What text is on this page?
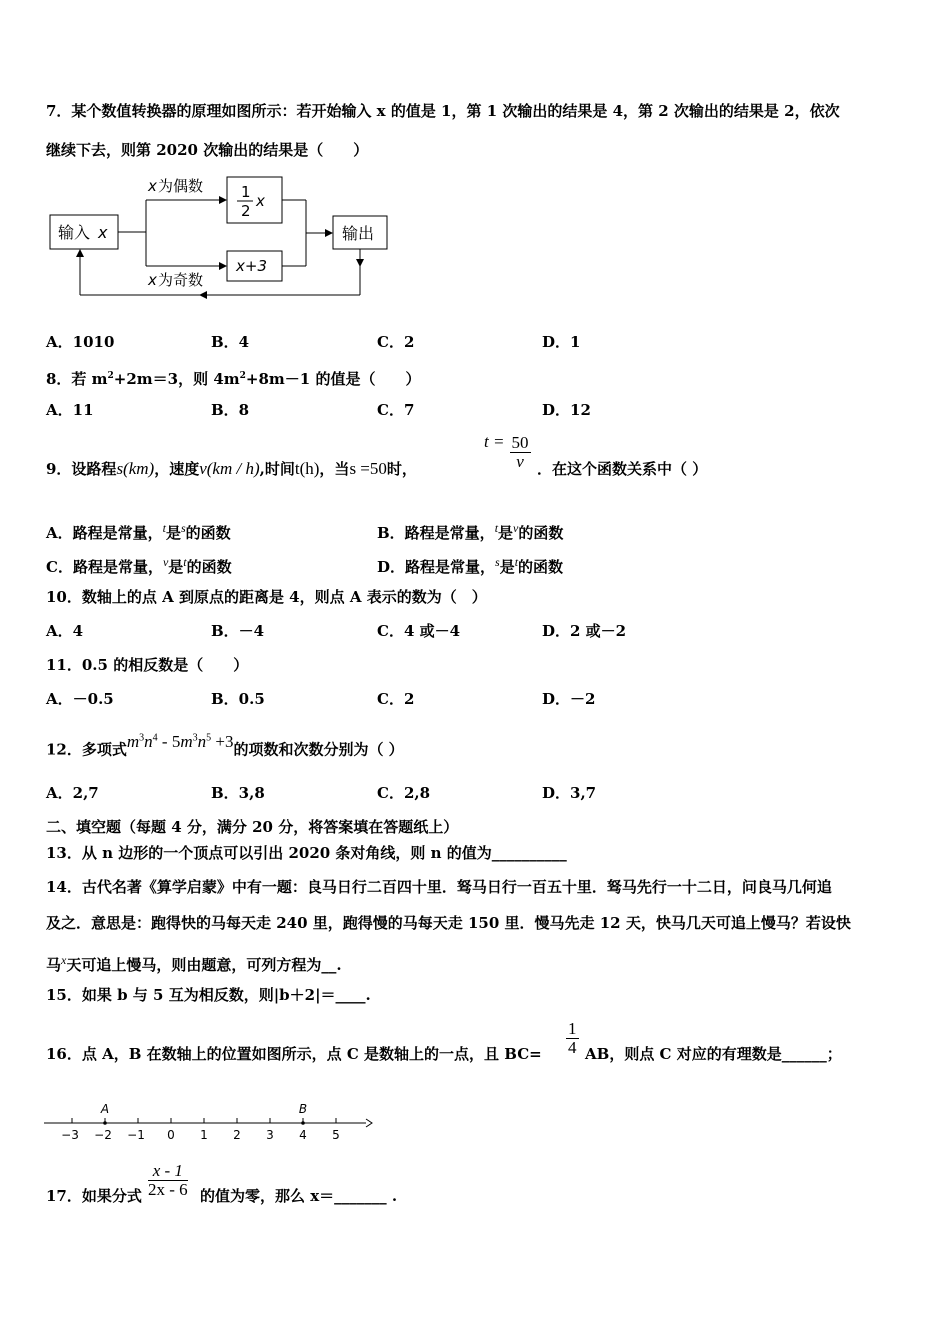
7．某个数值转换器的原理如图所示：若开始输入 x 的值是 1，第 1 次输出的结果是 4，第 2 次输出的结果是 2，依次
继续下去，则第 2020 次输出的结果是（　　）
输入 x
x 为偶数
x 为奇数
1
2
x
x+3
输出
A．1010	B．4	C．2	D．1
8．若 $m^2+2m=3$，则 $4m^2+8m-1$ 的值是（　　）
A．11	B．8	C．7	D．12
9．设路程s(km)，速度v(km / h),时间t(h)，当s =50时，
$t = \frac{50}{v}$ ．在这个函数关系中（ ）
A．路程是常量，$^t$是$^s$的函数	B．路程是常量，$^t$是$^v$的函数
C．路程是常量，$^v$是$^t$的函数	D．路程是常量，$^s$是$^t$的函数
10．数轴上的点 A 到原点的距离是 4，则点 A 表示的数为（　）
A．4	B．－4	C．4 或－4	D．2 或－2
11．0.5 的相反数是（　　）
A．－0.5	B．0.5	C．2	D．－2
12．多项式$m^3n^4 - 5m^3n^5 +3$的项数和次数分别为（ ）
A．2,7	B．3,8	C．2,8	D．3,7
二、填空题（每题 4 分，满分 20 分，将答案填在答题纸上）
13．从 n 边形的一个顶点可以引出 2020 条对角线，则 n 的值为__________
14．古代名著《算学启蒙》中有一题：良马日行二百四十里．驽马日行一百五十里．驽马先行一十二日，问良马几何追
及之．意思是：跑得快的马每天走 240 里，跑得慢的马每天走 150 里．慢马先走 12 天，快马几天可追上慢马？若设快
马$^x$天可追上慢马，则由题意，可列方程为__.
15．如果 b 与 5 互为相反数，则|b＋2|＝____.
16．点 A，B 在数轴上的位置如图所示，点 C 是数轴上的一点，且 $BC= \frac{1}{4}$ AB，则点 C 对应的有理数是______；
A	B
−3 −2 −1 0 1 2 3 4 5
17．如果分式 $\frac{x - 1}{2x - 6}$ 的值为零，那么 x＝_______ .
